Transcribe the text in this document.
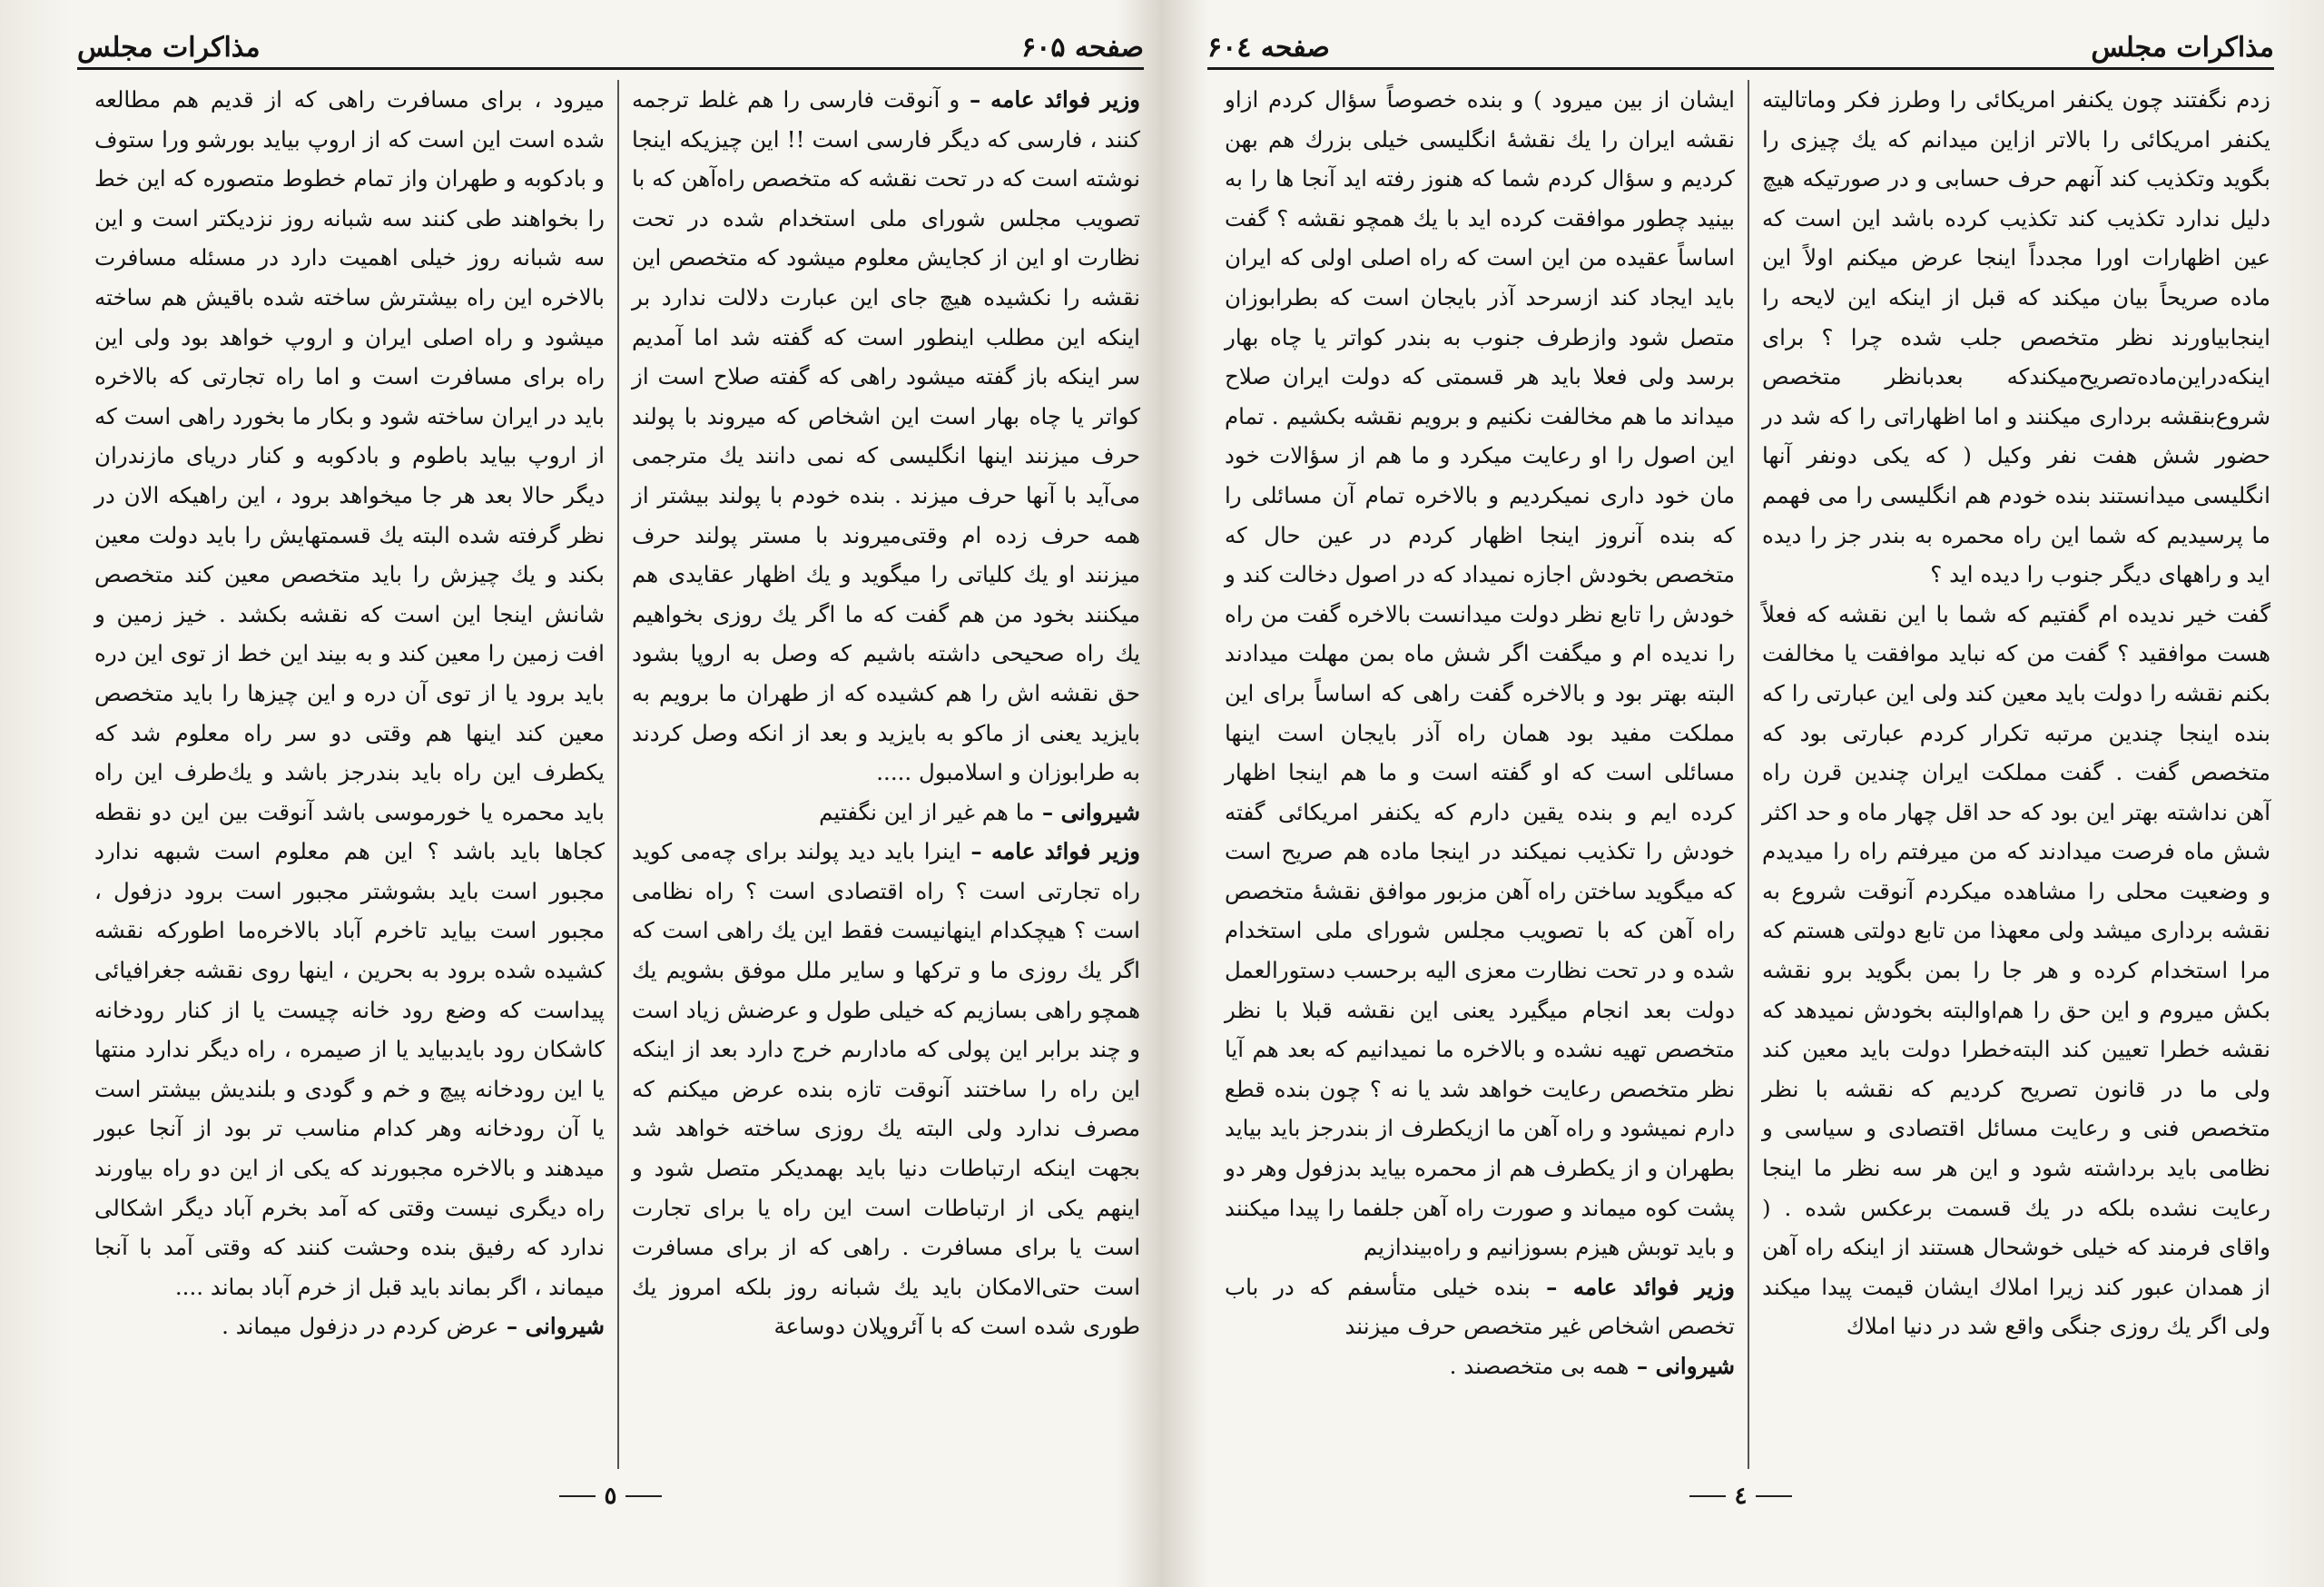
صفحه ۶۰۵
مذاکرات مجلس

وزیر فوائد عامه – و آنوقت فارسی را هم غلط ترجمه کنند ، فارسی که دیگر فارسی است !! این چیزیکه اینجا نوشته است که در تحت نقشه که متخصص راه‌آهن که با تصویب مجلس شورای ملی استخدام شده در تحت نظارت او این از کجایش معلوم میشود که متخصص این نقشه را نکشیده هیچ جای این عبارت دلالت ندارد بر اینکه این مطلب اینطور است که گفته شد اما آمدیم سر اینکه باز گفته میشود راهی که گفته صلاح است از کواتر یا چاه بهار است این اشخاص که میروند با پولند حرف میزنند اینها انگلیسی که نمی دانند یك مترجمی می‌آید با آنها حرف میزند . بنده خودم با پولند بیشتر از همه حرف زده ام وقتی‌میروند با مستر پولند حرف میزنند او یك کلیاتی را میگوید و یك اظهار عقایدی هم میکنند بخود من هم گفت که ما اگر یك روزی بخواهیم یك راه صحیحی داشته باشیم که وصل به اروپا بشود حق نقشه اش را هم کشیده که از طهران ما برویم به بایزید یعنی از ماکو به بایزید و بعد از انکه وصل کردند به طرابوزان و اسلامبول .....

شیروانی – ما هم غیر از این نگفتیم

وزیر فوائد عامه – اینرا باید دید پولند برای چه‌می کوید راه تجارتی است ؟ راه اقتصادی است ؟ راه نظامی است ؟ هیچکدام اینهانیست فقط این یك راهی است که اگر یك روزی ما و ترکها و سایر ملل موفق بشویم یك همچو راهی بسازیم که خیلی طول و عرضش زیاد است و چند برابر این پولی که مادارىم خرج دارد بعد از اینکه این راه را ساختند آنوقت تازه بنده عرض میکنم که مصرف ندارد ولی البته یك روزی ساخته خواهد شد بجهت اینکه ارتباطات دنیا باید بهمدیکر متصل شود و اینهم یکی از ارتباطات است این راه یا برای تجارت است یا برای مسافرت . راهی که از برای مسافرت است حتی‌الامکان باید یك شبانه روز بلکه امروز یك طوری شده است که با آئروپلان دوساعة

میرود ، برای مسافرت راهی که از قدیم هم مطالعه شده است این است که از اروپ بیاید بورشو ورا ستوف و بادکوبه و طهران واز تمام خطوط متصوره که این خط را بخواهند طی کنند سه شبانه روز نزدیکتر است و این سه شبانه روز خیلی اهمیت دارد در مسئله مسافرت بالاخره این راه بیشترش ساخته شده باقیش هم ساخته میشود و راه اصلی ایران و اروپ خواهد بود ولی این راه برای مسافرت است و اما راه تجارتی که بالاخره باید در ایران ساخته شود و بکار ما بخورد راهی است که از اروپ بیاید باطوم و بادکوبه و کنار دریای مازندران دیگر حالا بعد هر جا میخواهد برود ، این راهیکه الان در نظر گرفته شده البته یك قسمتهایش را باید دولت معین بکند و یك چیزش را باید متخصص معین کند متخصص شانش اینجا این است که نقشه بکشد . خیز زمین و افت زمین را معین کند و به بیند این خط از توی این دره باید برود یا از توی آن دره و این چیزها را باید متخصص معین کند اینها هم وقتی دو سر راه معلوم شد که یکطرف این راه باید بندرجز باشد و یك‌طرف این راه باید محمره یا خورموسی باشد آنوقت بین این دو نقطه کجاها باید باشد ؟ این هم معلوم است شبهه ندارد مجبور است باید بشوشتر مجبور است برود دزفول ، مجبور است بیاید تاخرم آباد بالاخره‌ما اطورکه نقشه کشیده شده برود به بحرین ، اینها روی نقشه جغرافیائی پیداست که وضع رود خانه چیست یا از کنار رودخانه کاشکان رود بایدبیاید یا از صیمره ، راه دیگر ندارد منتها یا این رودخانه پیچ و خم و گودی و بلندیش بیشتر است یا آن رودخانه وهر کدام مناسب تر بود از آنجا عبور میدهند و بالاخره مجبورند که یکی از این دو راه بیاورند راه دیگری نیست وقتی که آمد بخرم آباد دیگر اشکالی ندارد که رفیق بنده وحشت کنند که وقتی آمد با آنجا میماند ، اگر بماند باید قبل از خرم آباد بماند ....

شیروانی – عرض کردم در دزفول میماند .

٥
مذاکرات مجلس
صفحه ۶۰٤

زدم نگفتند چون یکنفر امریکائی را وطرز فکر وماتالیته یکنفر امریکائی را بالاتر ازاین میدانم که یك چیزی را بگوید وتکذیب کند آنهم حرف حسابی و در صورتیکه هیچ دلیل ندارد تکذیب کند تکذیب کرده باشد این است که عین اظهارات اورا مجدداً اینجا عرض میکنم اولاً این ماده صریحاً بیان میکند که قبل از اینکه این لایحه را اینجابیاورند نظر متخصص جلب‌ شده چرا ؟ برای اینکه‌دراین‌ماده‌تصریح‌میکندکه بعدبانظر متخصص شروع‌بنقشه برداری میکنند و اما اظهاراتی را که شد در حضور شش هفت نفر وکیل ( که یکی دونفر آنها انگلیسی میدانستند بنده خودم هم انگلیسی را می فهمم ما پرسیدیم که شما این راه محمره به بندر جز را دیده اید و راههای دیگر جنوب را دیده اید ؟

گفت خیر ندیده ام گفتیم که شما با این نقشه که فعلاً هست موافقید ؟ گفت من که نباید موافقت یا مخالفت بکنم نقشه را دولت باید معین کند ولی این عبارتی را که بنده اینجا چندین مرتبه تکرار کردم عبارتی بود که متخصص گفت . گفت مملکت ایران چندین قرن راه آهن نداشته بهتر این بود که حد اقل چهار ماه و حد اکثر شش ماه فرصت میدادند که من میرفتم راه را میدیدم و وضعیت محلی را مشاهده میکردم آنوقت شروع به نقشه برداری میشد ولی معهذا من تابع دولتی هستم که مرا استخدام کرده و هر جا را بمن بگوید برو نقشه بکش میروم و این حق را هم‌اوالبته بخودش نمیدهد که نقشه خطرا تعیین کند البته‌خطرا دولت باید معین کند ولی ما در قانون تصریح کردیم که نقشه با نظر متخصص فنی و رعایت مسائل اقتصادی و سیاسی و نظامی باید برداشته شود و این هر سه نظر ما اینجا رعایت نشده بلکه در یك قسمت برعکس شده . ( واقای فرمند که خیلی خوشحال هستند از اینکه راه آهن از همدان عبور کند زیرا املاك ایشان قیمت پیدا میکند ولی اگر یك روزی جنگی واقع شد در دنیا املاك

ایشان از بین میرود ) و بنده خصوصاً سؤال کردم ازاو نقشه ایران را یك نقشهٔ انگلیسی خیلی بزرك هم بهن کردیم و سؤال کردم شما که هنوز رفته اید آنجا ها را به بینید چطور موافقت کرده اید با یك همچو نقشه ؟ گفت اساساً عقیده من این است که راه اصلی اولی که ایران باید ایجاد کند ازسرحد آذر بایجان است که بطرابوزان متصل شود وازطرف جنوب به بندر کواتر یا چاه بهار برسد ولی فعلا باید هر قسمتی که دولت ایران صلاح میداند ما هم مخالفت نکنیم و برویم نقشه بکشیم . تمام این اصول را او رعایت میکرد و ما هم از سؤالات خود مان خود داری نمیکردیم و بالاخره تمام آن مسائلی را که بنده آنروز اینجا اظهار کردم در عین حال که متخصص بخودش اجازه نمیداد که در اصول دخالت کند و خودش را تابع نظر دولت میدانست بالاخره گفت من راه را ندیده ام و میگفت اگر شش ماه بمن مهلت میدادند البته بهتر بود و بالاخره گفت راهی که اساساً برای این مملکت مفید بود همان راه آذر بایجان است اینها مسائلی است که او گفته است و ما هم اینجا اظهار کرده ایم و بنده یقین دارم که یکنفر امریکائی گفته خودش را تکذیب نمیکند در اینجا ماده هم صریح است که میگوید ساختن راه آهن مزبور موافق نقشهٔ متخصص راه آهن که با تصویب مجلس شورای ملی استخدام شده و در تحت نظارت معزی الیه برحسب دستورالعمل دولت بعد انجام میگیرد یعنی این نقشه قبلا با نظر متخصص تهیه نشده و بالاخره ما نمیدانیم که بعد هم آیا نظر متخصص رعایت خواهد شد یا نه ؟ چون بنده قطع دارم نمیشود و راه آهن ما ازیکطرف از بندرجز باید بیاید بطهران و از یکطرف هم از محمره بیاید بدزفول وهر دو پشت کوه میماند و صورت راه آهن جلفما را پیدا میکنند و باید توبش هیزم بسوزانیم و راه‌بیندازیم

وزیر فوائد عامه – بنده خیلی متأسفم که در باب تخصص اشخاص غیر متخصص حرف میزنند

شیروانی – همه بی متخصصند .

٤
